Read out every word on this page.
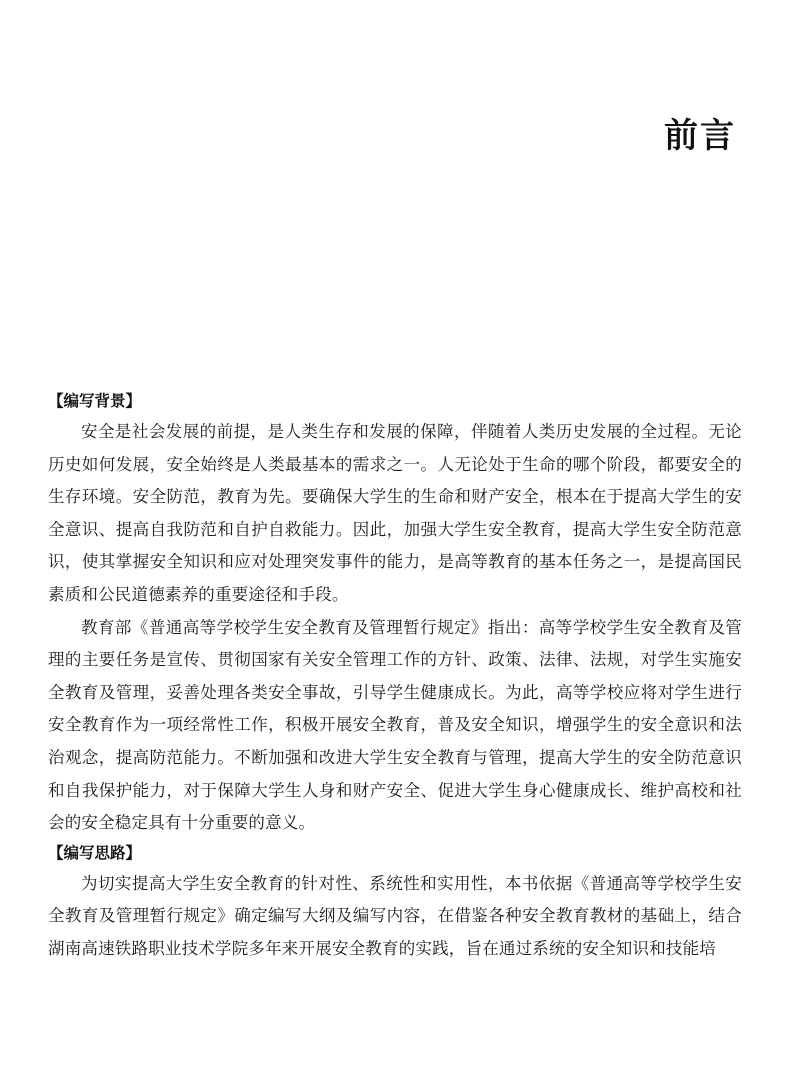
前言
【编写背景】

安全是社会发展的前提，是人类生存和发展的保障，伴随着人类历史发展的全过程。无论历史如何发展，安全始终是人类最基本的需求之一。人无论处于生命的哪个阶段，都要安全的生存环境。安全防范，教育为先。要确保大学生的生命和财产安全，根本在于提高大学生的安全意识、提高自我防范和自护自救能力。因此，加强大学生安全教育，提高大学生安全防范意识，使其掌握安全知识和应对处理突发事件的能力，是高等教育的基本任务之一，是提高国民素质和公民道德素养的重要途径和手段。

教育部《普通高等学校学生安全教育及管理暂行规定》指出：高等学校学生安全教育及管理的主要任务是宣传、贯彻国家有关安全管理工作的方针、政策、法律、法规，对学生实施安全教育及管理，妥善处理各类安全事故，引导学生健康成长。为此，高等学校应将对学生进行安全教育作为一项经常性工作，积极开展安全教育，普及安全知识，增强学生的安全意识和法治观念，提高防范能力。不断加强和改进大学生安全教育与管理，提高大学生的安全防范意识和自我保护能力，对于保障大学生人身和财产安全、促进大学生身心健康成长、维护高校和社会的安全稳定具有十分重要的意义。

【编写思路】

为切实提高大学生安全教育的针对性、系统性和实用性，本书依据《普通高等学校学生安全教育及管理暂行规定》确定编写大纲及编写内容，在借鉴各种安全教育教材的基础上，结合湖南高速铁路职业技术学院多年来开展安全教育的实践，旨在通过系统的安全知识和技能培
